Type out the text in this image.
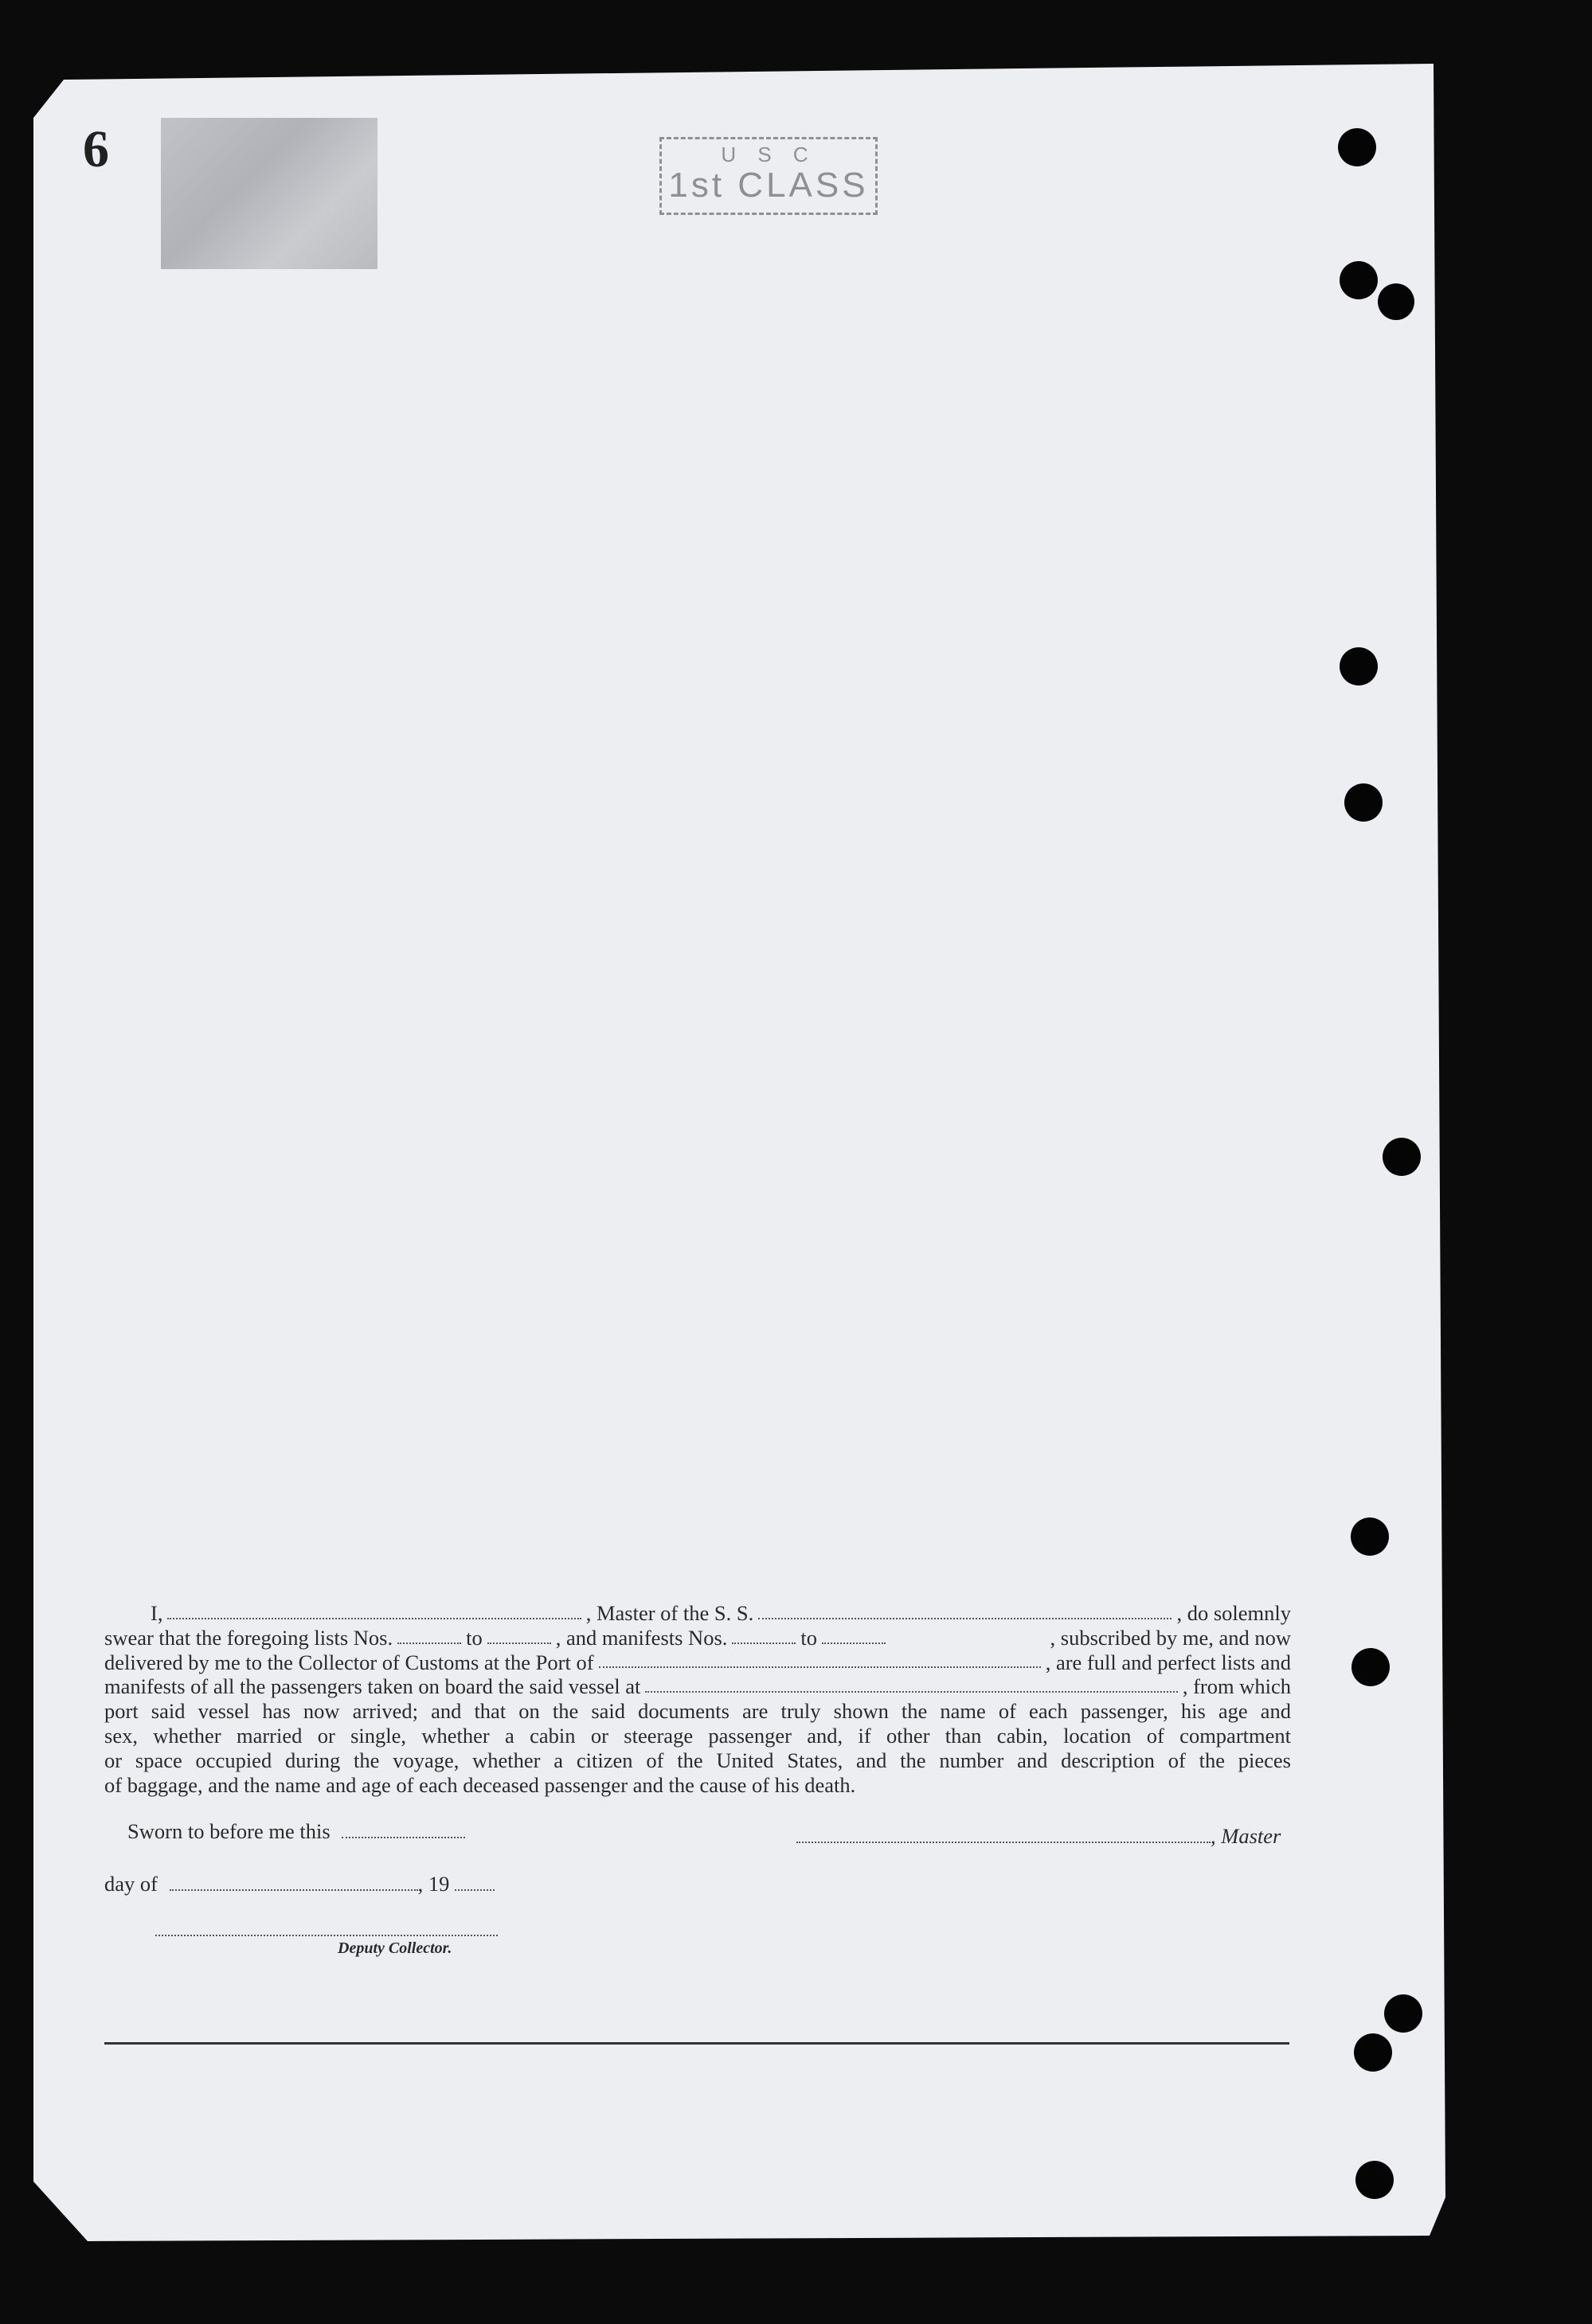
6	U S C
1st CLASS
I,	, Master of the S. S.	, do solemnly
swear that the foregoing lists Nos.	to	, and manifests Nos.	to	, subscribed by me, and now
delivered by me to the Collector of Customs at the Port of	, are full and perfect lists and
manifests of all the passengers taken on board the said vessel at	, from which
port said vessel has now arrived; and that on the said documents are truly shown the name of each passenger, his age and
sex, whether married or single, whether a cabin or steerage passenger and, if other than cabin, location of compartment
or space occupied during the voyage, whether a citizen of the United States, and the number and description of the pieces
of baggage, and the name and age of each deceased passenger and the cause of his death.
Sworn to before me this	, Master
day of	, 19
Deputy Collector.
